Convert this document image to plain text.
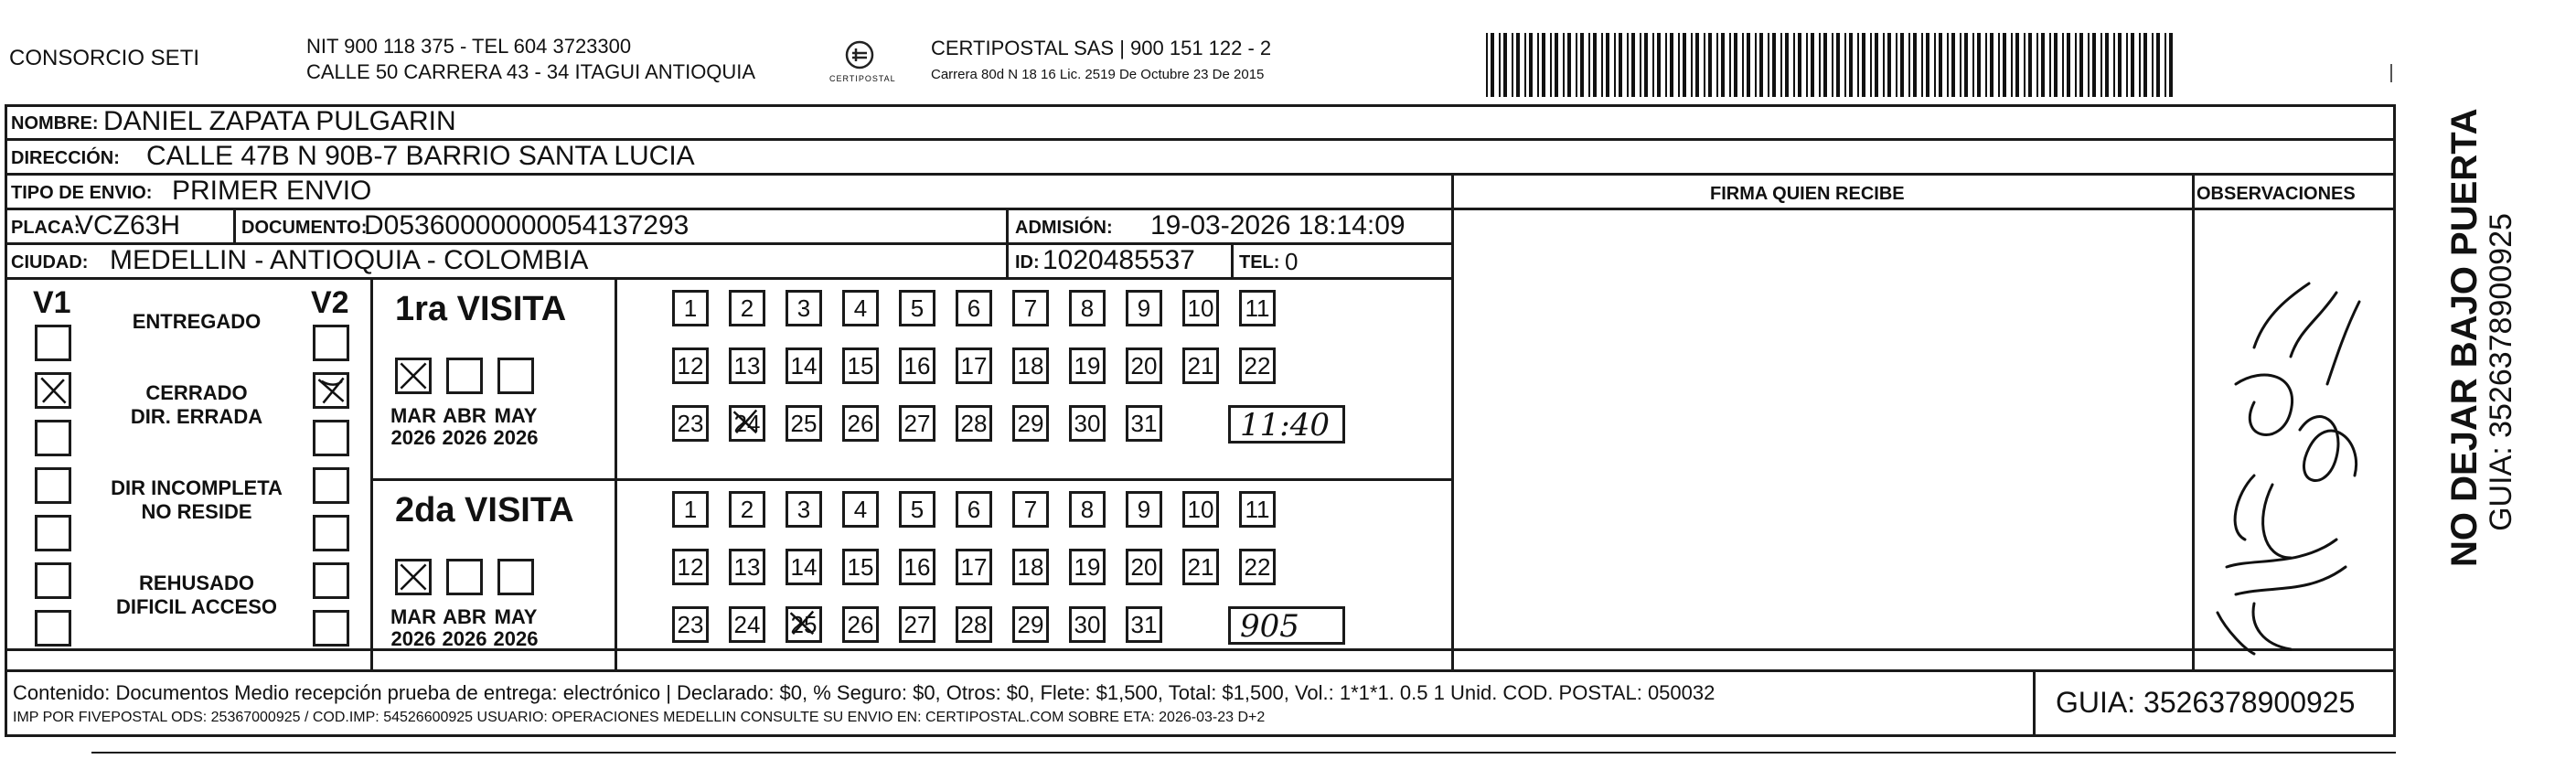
CONSORCIO SETI	NIT 900 118 375 - TEL 604 3723300
CALLE 50 CARRERA 43 - 34 ITAGUI ANTIOQUIA	CERTIPOSTAL
CERTIPOSTAL SAS | 900 151 122 - 2
Carrera 80d N 18 16 Lic. 2519 De Octubre 23 De 2015
NOMBRE: DANIEL ZAPATA PULGARIN
DIRECCIÓN: CALLE 47B N 90B-7 BARRIO SANTA LUCIA
TIPO DE ENVIO: PRIMER ENVIO	FIRMA QUIEN RECIBE	OBSERVACIONES
PLACA:
VCZ63H	DOCUMENTO:
D05360000000054137293	ADMISIÓN: 19-03-2026 18:14:09
CIUDAD: MEDELLIN - ANTIOQUIA - COLOMBIA	ID: 1020485537 TEL: 0
V1	V2
ENTREGADO
CERRADO
DIR. ERRADA
DIR INCOMPLETA
NO RESIDE
REHUSADO
DIFICIL ACCESO
1ra VISITA
MAR
2026
ABR
2026
MAY
2026
1	2	3	4	5	6	7	8	9	10 11
12 13 14 15 16 17 18 19 20 21 22
23 24 25 26 27 28 29 30 31	11:40
2da VISITA
MAR
2026
ABR
2026
MAY
2026
1	2	3	4	5	6	7	8	9	10 11
12 13 14 15 16 17 18 19 20 21 22
23 24 25 26 27 28 29 30 31	905
Contenido: Documentos Medio recepción prueba de entrega: electrónico | Declarado: $0, % Seguro: $0, Otros: $0, Flete: $1,500, Total: $1,500, Vol.: 1*1*1. 0.5 1 Unid. COD. POSTAL: 050032
IMP POR FIVEPOSTAL ODS: 25367000925 / COD.IMP: 54526600925 USUARIO: OPERACIONES MEDELLIN CONSULTE SU ENVIO EN: CERTIPOSTAL.COM SOBRE ETA: 2026-03-23 D+2	GUIA: 3526378900925
NO DEJAR BAJO PUERTA GUIA: 3526378900925
